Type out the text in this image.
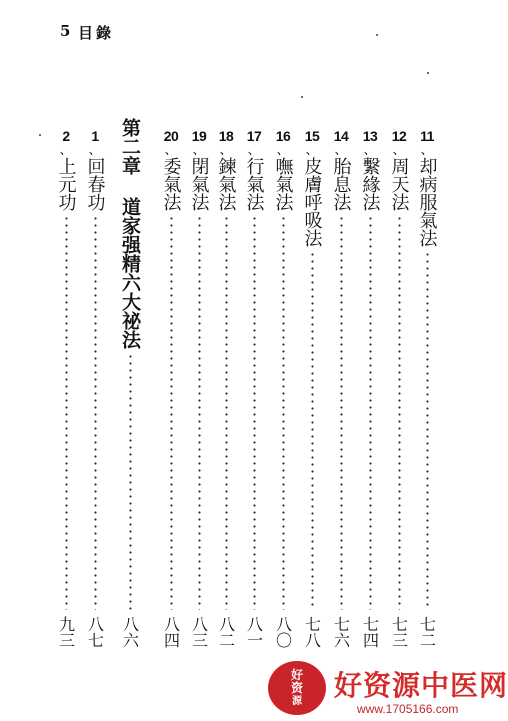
5 目 錄
11
、
却病服氣法
七二
12
、
周天法
七三
13
、
繫緣法
七四
14
、
胎息法
七六
15
、
皮膚呼吸法
七八
16
、
嘸氣法
八〇
17
、
行氣法
八一
18
、
鍊氣法
八二
19
、
閉氣法
八三
20
、
委氣法
八四
第二章
道家强精六大祕法
八六
1
、
回春功
八七
2
、
上元功
九三
好
资
源 好资源中医网
www.1705166.com
